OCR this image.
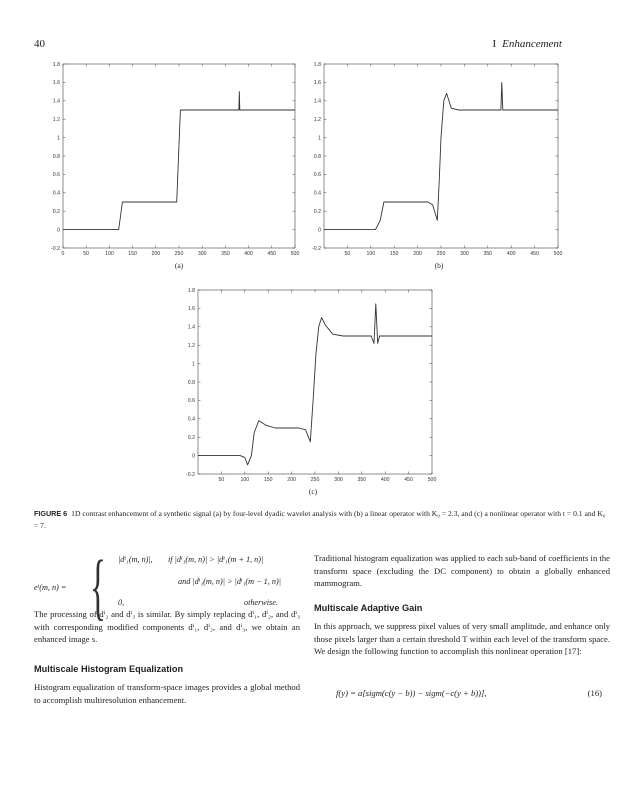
40	I Enhancement
0	50	100	150	200	250	300	350	400	450	500
-0.2
0
0.2
0.4
0.6
0.8
1
1.2
1.4
1.6
1.8
(a)
50	100	150	200	250	300	350	400	450	500
-0.2
0
0.2
0.4
0.6
0.8
1
1.2
1.4
1.6
1.8
(b)
50	100	150	200	250	300	350	400	450	500
-0.2
0
0.2
0.4
0.6
0.8
1
1.2
1.4
1.6
1.8
(c)
FIGURE 6 1D contrast enhancement of a synthetic signal (a) by four-level dyadic wavelet analysis with (b) a linear operator with K₀ = 2.3, and (c) a nonlinear operator with t = 0.1 and K₀ = 7.
eⁱ(m, n) = { |dⁱ₁(m, n)|, if |dⁱ₁(m, n)| > |dⁱ₁(m + 1, n)|
and |dⁱ₁(m, n)| > |dⁱ₁(m − 1, n)|
0,	otherwise.
The processing of dⁱ₂ and dⁱ₃ is similar. By simply replacing dⁱ₁, dⁱ₂, and dⁱ₃ with corresponding modified components dⁱ₁, dⁱ₂, and dⁱ₃, we obtain an enhanced image s.
Multiscale Histogram Equalization
Histogram equalization of transform-space images provides a global method to accomplish multiresolution enhancement.
Traditional histogram equalization was applied to each sub-band of coefficients in the transform space (excluding the DC component) to obtain a globally enhanced mammogram.
Multiscale Adaptive Gain
In this approach, we suppress pixel values of very small amplitude, and enhance only those pixels larger than a certain threshold T within each level of the transform space. We design the following function to accomplish this nonlinear operation [17]:
f(y) = a[sigm(c(y − b)) − sigm(−c(y + b))],	(16)
